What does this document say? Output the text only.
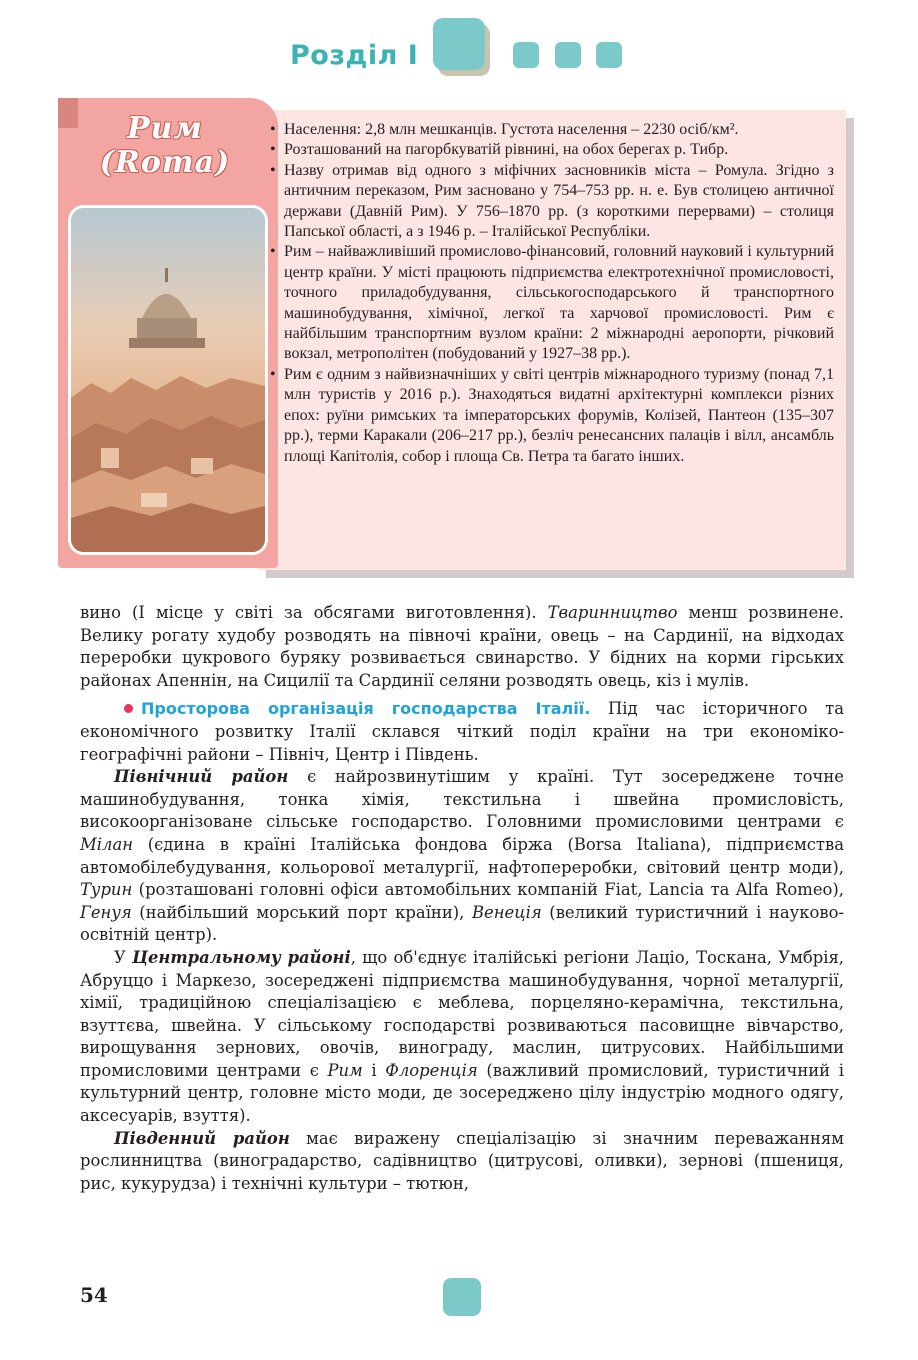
Розділ I
Рим
(Roma)
• Населення: 2,8 млн мешканців. Густота населення – 2230 осіб/км².
• Розташований на пагорбкуватій рівнині, на обох берегах р. Тибр.
• Назву отримав від одного з міфічних засновників міста – Ромула. Згідно з античним переказом, Рим засновано у 754–753 рр. н. е. Був столицею античної держави (Давній Рим). У 756–1870 рр. (з короткими перервами) – столиця Папської області, а з 1946 р. – Італійської Республіки.
• Рим – найважливіший промислово-фінансовий, головний науковий і культурний центр країни. У місті працюють підприємства електротехнічної промисловості, точного приладобудування, сільськогосподарського й транспортного машинобудування, хімічної, легкої та харчової промисловості. Рим є найбільшим транспортним вузлом країни: 2 міжнародні аеропорти, річковий вокзал, метрополітен (побудований у 1927–38 рр.).
• Рим є одним з найвизначніших у світі центрів міжнародного туризму (понад 7,1 млн туристів у 2016 р.). Знаходяться видатні архітектурні комплекси різних епох: руїни римських та імператорських форумів, Колізей, Пантеон (135–307 рр.), терми Каракали (206–217 рр.), безліч ренесансних палаців і вілл, ансамбль площі Капітолія, собор і площа Св. Петра та багато інших.

вино (I місце у світі за обсягами виготовлення). Тваринництво менш розвинене. Велику рогату худобу розводять на півночі країни, овець – на Сардинії, на відходах переробки цукрового буряку розвивається свинарство. У бідних на корми гірських районах Апеннін, на Сицилії та Сардинії селяни розводять овець, кіз і мулів.

Просторова організація господарства Італії. Під час історичного та економічного розвитку Італії склався чіткий поділ країни на три економіко-географічні райони – Північ, Центр і Південь.

Північний район є найрозвинутішим у країні. Тут зосереджене точне машинобудування, тонка хімія, текстильна і швейна промисловість, високоорганізоване сільське господарство. Головними промисловими центрами є Мілан (єдина в країні Італійська фондова біржа (Borsa Italiana), підприємства автомобілебудування, кольорової металургії, нафтопереробки, світовий центр моди), Турин (розташовані головні офіси автомобільних компаній Fiat, Lancia та Alfa Romeo), Генуя (найбільший морський порт країни), Венеція (великий туристичний і науково-освітній центр).

У Центральному районі, що об'єднує італійські регіони Лаціо, Тоскана, Умбрія, Абруццо і Маркезо, зосереджені підприємства машинобудування, чорної металургії, хімії, традиційною спеціалізацією є меблева, порцеляно-керамічна, текстильна, взуттєва, швейна. У сільському господарстві розвиваються пасовищне вівчарство, вирощування зернових, овочів, винограду, маслин, цитрусових. Найбільшими промисловими центрами є Рим і Флоренція (важливий промисловий, туристичний і культурний центр, головне місто моди, де зосереджено цілу індустрію модного одягу, аксесуарів, взуття).

Південний район має виражену спеціалізацію зі значним переважанням рослинництва (виноградарство, садівництво (цитрусові, оливки), зернові (пшениця, рис, кукурудза) і технічні культури – тютюн,

54
